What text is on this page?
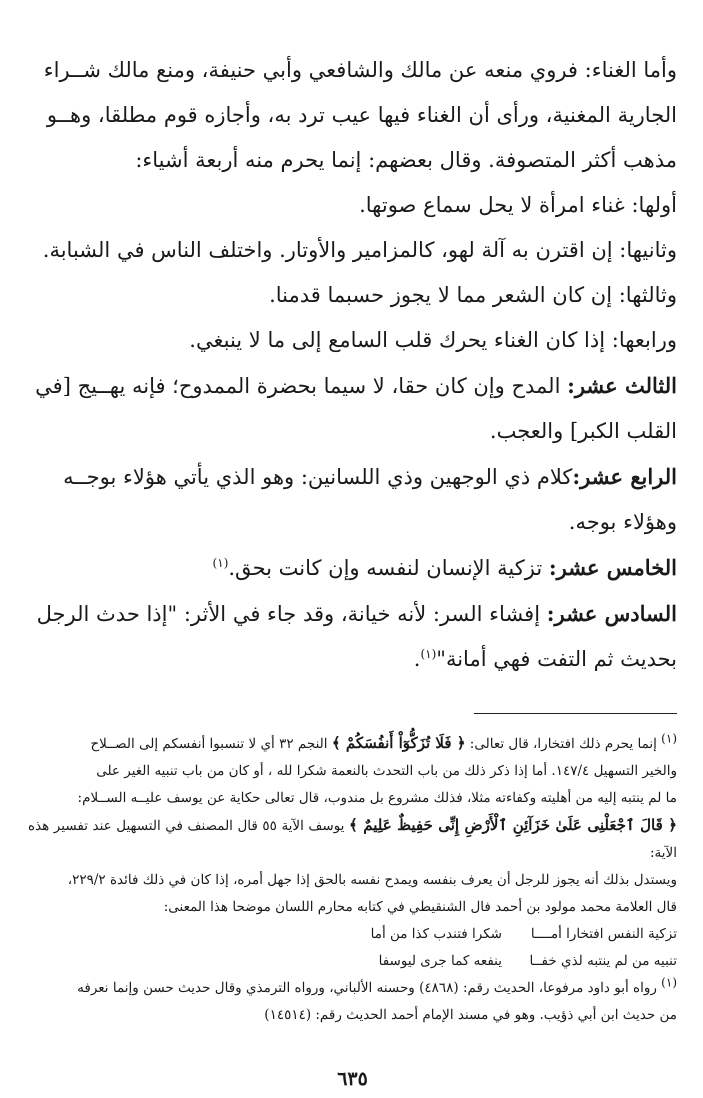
وأما الغناء: فروي منعه عن مالك والشافعي وأبي حنيفة، ومنع مالك شــراء

الجارية المغنية، ورأى أن الغناء فيها عيب ترد به، وأجازه قوم مطلقا، وهــو

مذهب أكثر المتصوفة. وقال بعضهم: إنما يحرم منه أربعة أشياء:

أولها: غناء امرأة لا يحل سماع صوتها.

وثانيها: إن اقترن به آلة لهو، كالمزامير والأوتار. واختلف الناس في الشبابة.

وثالثها: إن كان الشعر مما لا يجوز حسبما قدمنا.

ورابعها: إذا كان الغناء يحرك قلب السامع إلى ما لا ينبغي.

الثالث عشر: المدح وإن كان حقا، لا سيما بحضرة الممدوح؛ فإنه يهــيج [في

القلب الكبر] والعجب.

الرابع عشر:كلام ذي الوجهين وذي اللسانين: وهو الذي يأتي هؤلاء بوجــه

وهؤلاء بوجه.

الخامس عشر: تزكية الإنسان لنفسه وإن كانت بحق.$^{(١)}$

السادس عشر: إفشاء السر: لأنه خيانة، وقد جاء في الأثر: "إذا حدث الرجل

بحديث ثم التفت فهي أمانة"$^{(١)}$.

(١) إنما يحرم ذلك افتخارا، قال تعالى: ﴿ فَلَا تُزَكُّوٓاْ أَنفُسَكُمْ ﴾ النجم ٣٢ أي لا تنسبوا أنفسكم إلى الصــلاح

والخير التسهيل ١٤٧/٤. أما إذا ذكر ذلك من باب التحدث بالنعمة شكرا لله ، أو كان من باب تنبيه الغير على

ما لم ينتبه إليه من أهليته وكفاءته مثلا، فذلك مشروع بل مندوب، قال تعالى حكاية عن يوسف عليــه الســلام:

﴿ قَالَ ٱجْعَلْنِى عَلَىٰ خَزَآئِنِ ٱلْأَرْضِ إِنِّى حَفِيظٌ عَلِيمٌ ﴾ يوسف الآية ٥٥ قال المصنف في التسهيل عند تفسير هذه الآية:

ويستدل بذلك أنه يجوز للرجل أن يعرف بنفسه ويمدح نفسه بالحق إذا جهل أمره، إذا كان في ذلك فائدة ٢٢٩/٢،

قال العلامة محمد مولود بن أحمد فال الشنقيطي في كتابه محارم اللسان موضحا هذا المعنى:

تزكية النفس افتخارا أمــــا
شكرا فتندب كذا من أما
تنبيه من لم ينتبه لذي خفــا
ينفعه كما جرى ليوسفا

(١) رواه أبو داود مرفوعا، الحديث رقم: (٤٨٦٨) وحسنه الألباني، ورواه الترمذي وقال حديث حسن وإنما نعرفه

من حديث ابن أبي ذؤيب. وهو في مسند الإمام أحمد الحديث رقم: (١٤٥١٤)

٦٣٥
